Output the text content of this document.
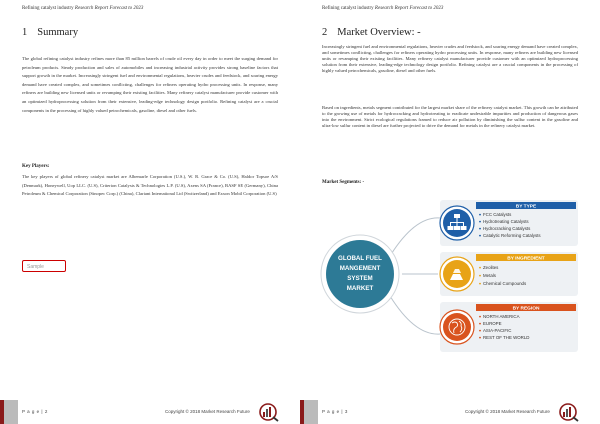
Refining catalyst industry Research Report Forecast to 2023
1 Summary
The global refining catalyst industry refines more than 85 million barrels of crude oil every day in order to meet the surging demand for petroleum products. Steady production and sales of automobiles and increasing industrial activity provides strong baseline factors that support growth in the market. Increasingly stringent fuel and environmental regulations, heavier crudes and feedstock, and soaring energy demand have created complex, and sometimes conflicting, challenges for refiners operating hydro processing units. In response, many refiners are building new licensed units or revamping their existing facilities. Many refinery catalyst manufacturer provide customer with an optimized hydroprocessing solution from their extensive, leading-edge technology design portfolio. Refining catalyst are a crucial components in the processing of highly valued petrochemicals, gasoline, diesel and other fuels.
Key Players:
The key players of global refinery catalyst market are Albemarle Corporation (U.S.), W. R. Grace & Co. (U.S), Haldor Topsoe A/S (Denmark), Honeywell, Uop LLC. (U.S), Criterion Catalysts & Technologies L.P. (U.S), Axens SA (France), BASF SE (Germany), China Petroleum & Chemical Corporation (Sinopec Corp.) (China), Clariant International Ltd (Switzerland) and Exxon Mobil Corporation (U.S)
Sample
P a g e | 2	Copyright © 2018 Market Research Future
Refining catalyst industry Research Report Forecast to 2023
2 Market Overview: -
Increasingly stringent fuel and environmental regulations, heavier crudes and feedstock, and soaring energy demand have created complex, and sometimes conflicting, challenges for refiners operating hydro processing units. In response, many refiners are building new licensed units or revamping their existing facilities. Many refinery catalyst manufacturer provide customer with an optimized hydroprocessing solution from their extensive, leading-edge technology design portfolio. Refining catalyst are a crucial components in the processing of highly valued petrochemicals, gasoline, diesel and other fuels.
Based on ingredients, metals segment contributed for the largest market share of the refinery catalyst market. This growth can be attributed to the growing use of metals for hydrocracking and hydrotreating to eradicate undesirable impurities and production of dangerous gases into the environment. Strict ecological regulations framed to reduce air pollution by diminishing the sulfur content in the gasoline and ultra-low sulfur content in diesel are further projected to drive the demand for metals in the refinery catalyst market.
Market Segments: -
GLOBAL FUEL
MANGEMENT
SYSTEM
MARKET
BY TYPE
FCC Catalysts
Hydrotreating Catalysts
Hydrocracking Catalysts
Catalytic Reforming Catalysts
BY INGREDIENT
Zeolites
Metals
Chemical Compounds
BY REGION
NORTH AMERICA
EUROPE
ASIA-PACIFIC
REST OF THE WORLD
P a g e | 3	Copyright © 2018 Market Research Future
